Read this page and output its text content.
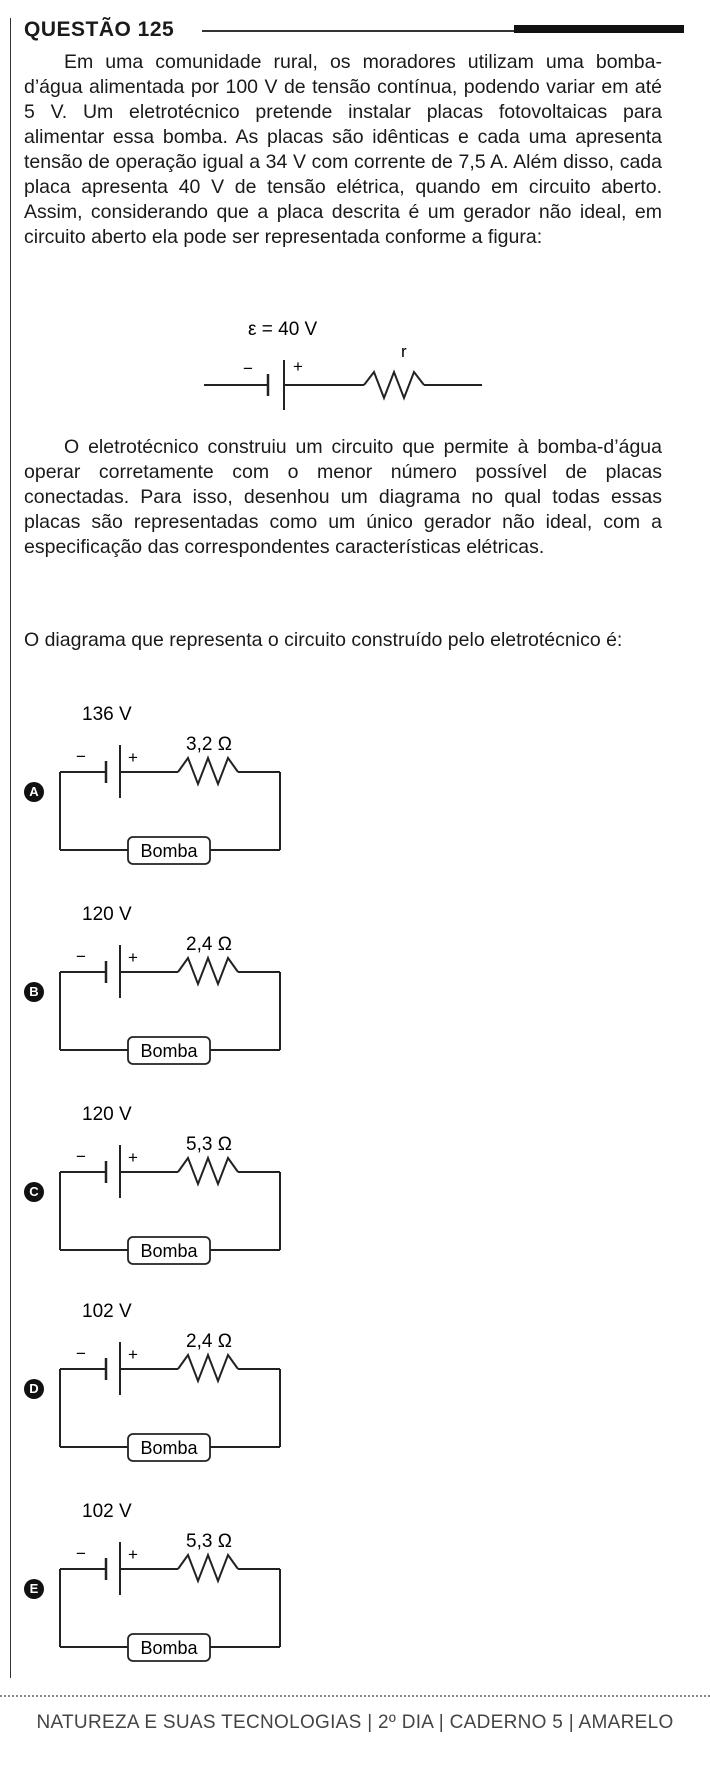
QUESTÃO 125

Em uma comunidade rural, os moradores utilizam uma bomba-d’água alimentada por 100 V de tensão contínua, podendo variar em até 5 V. Um eletrotécnico pretende instalar placas fotovoltaicas para alimentar essa bomba. As placas são idênticas e cada uma apresenta tensão de operação igual a 34 V com corrente de 7,5 A. Além disso, cada placa apresenta 40 V de tensão elétrica, quando em circuito aberto. Assim, considerando que a placa descrita é um gerador não ideal, em circuito aberto ela pode ser representada conforme a figura:

ε = 40 V
r
− +

O eletrotécnico construiu um circuito que permite à bomba-d’água operar corretamente com o menor número possível de placas conectadas. Para isso, desenhou um diagrama no qual todas essas placas são representadas como um único gerador não ideal, com a especificação das correspondentes características elétricas.

O diagrama que representa o circuito construído pelo eletrotécnico é:

A
136 V
3,2 Ω
− +
Bomba
B
120 V
2,4 Ω
− +
Bomba
C
120 V
5,3 Ω
− +
Bomba
D
102 V
2,4 Ω
− +
Bomba
E
102 V
5,3 Ω
− +
Bomba
NATUREZA E SUAS TECNOLOGIAS | 2º DIA | CADERNO 5 | AMARELO
